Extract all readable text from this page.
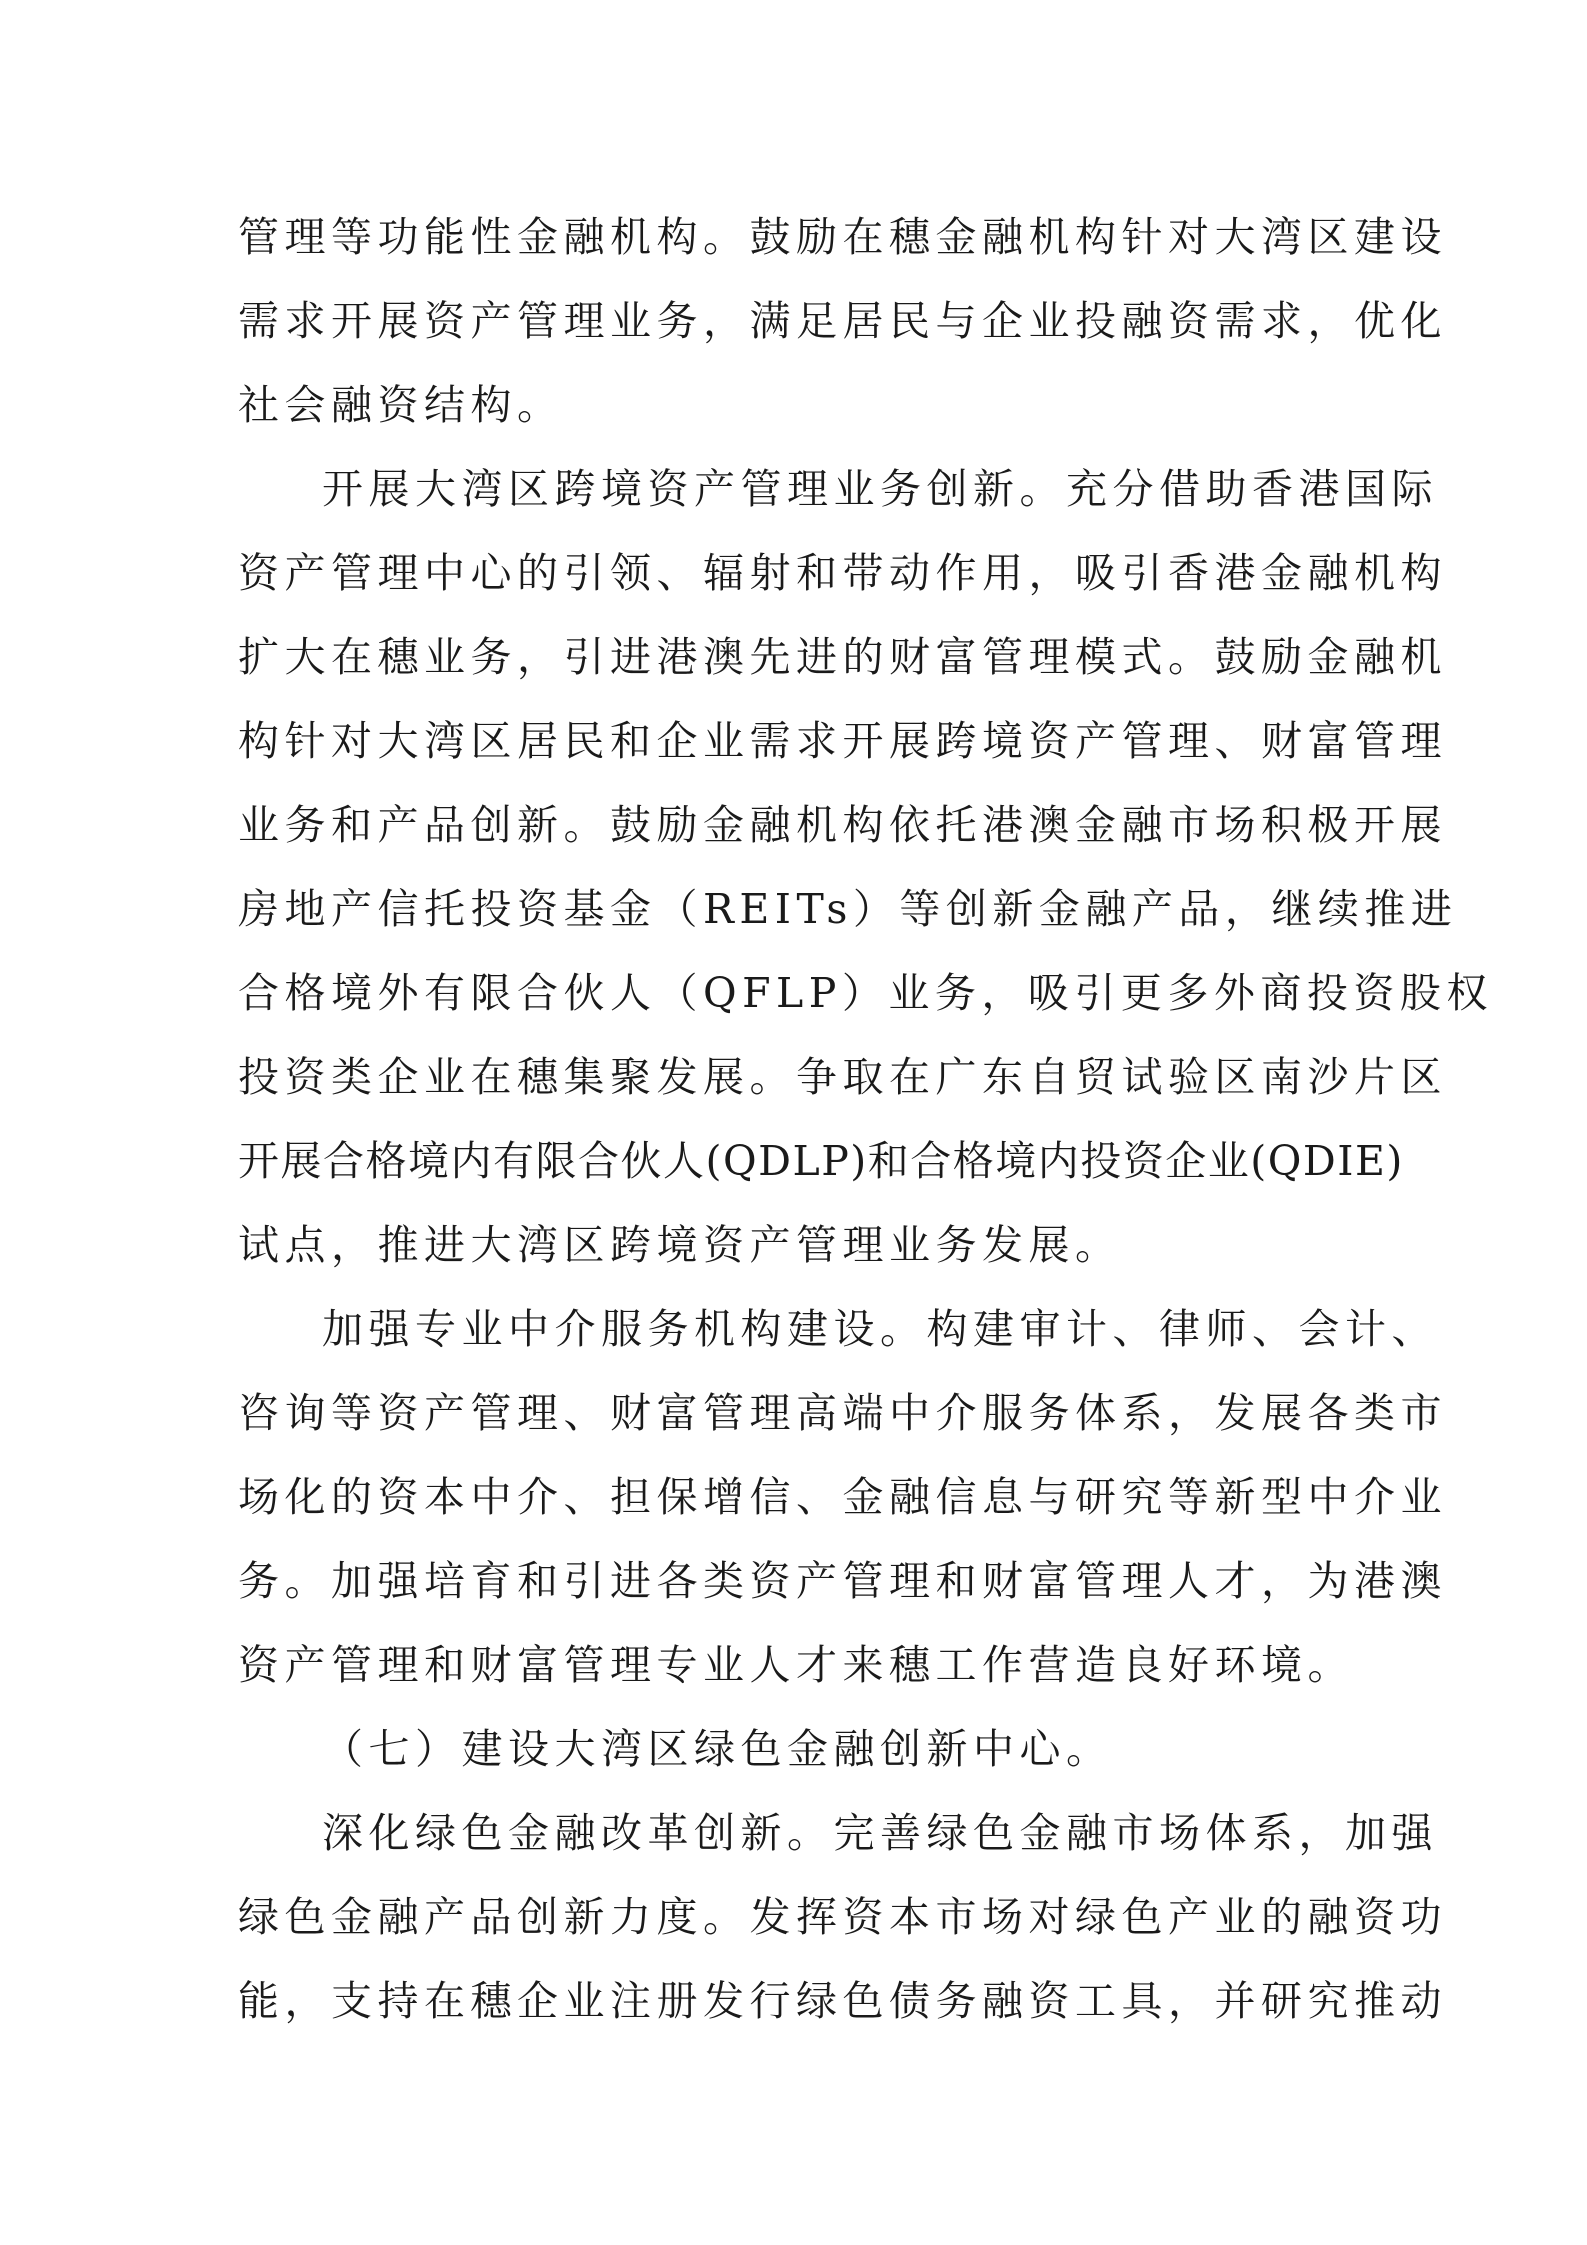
管理等功能性金融机构。鼓励在穗金融机构针对大湾区建设
需求开展资产管理业务，满足居民与企业投融资需求，优化
社会融资结构。
开展大湾区跨境资产管理业务创新。充分借助香港国际
资产管理中心的引领、辐射和带动作用，吸引香港金融机构
扩大在穗业务，引进港澳先进的财富管理模式。鼓励金融机
构针对大湾区居民和企业需求开展跨境资产管理、财富管理
业务和产品创新。鼓励金融机构依托港澳金融市场积极开展
房地产信托投资基金（REITs）等创新金融产品，继续推进
合格境外有限合伙人（QFLP）业务，吸引更多外商投资股权
投资类企业在穗集聚发展。争取在广东自贸试验区南沙片区
开展合格境内有限合伙人(QDLP)和合格境内投资企业(QDIE)
试点，推进大湾区跨境资产管理业务发展。
加强专业中介服务机构建设。构建审计、律师、会计、
咨询等资产管理、财富管理高端中介服务体系，发展各类市
场化的资本中介、担保增信、金融信息与研究等新型中介业
务。加强培育和引进各类资产管理和财富管理人才，为港澳
资产管理和财富管理专业人才来穗工作营造良好环境。
（七）建设大湾区绿色金融创新中心。
深化绿色金融改革创新。完善绿色金融市场体系，加强
绿色金融产品创新力度。发挥资本市场对绿色产业的融资功
能，支持在穗企业注册发行绿色债务融资工具，并研究推动
